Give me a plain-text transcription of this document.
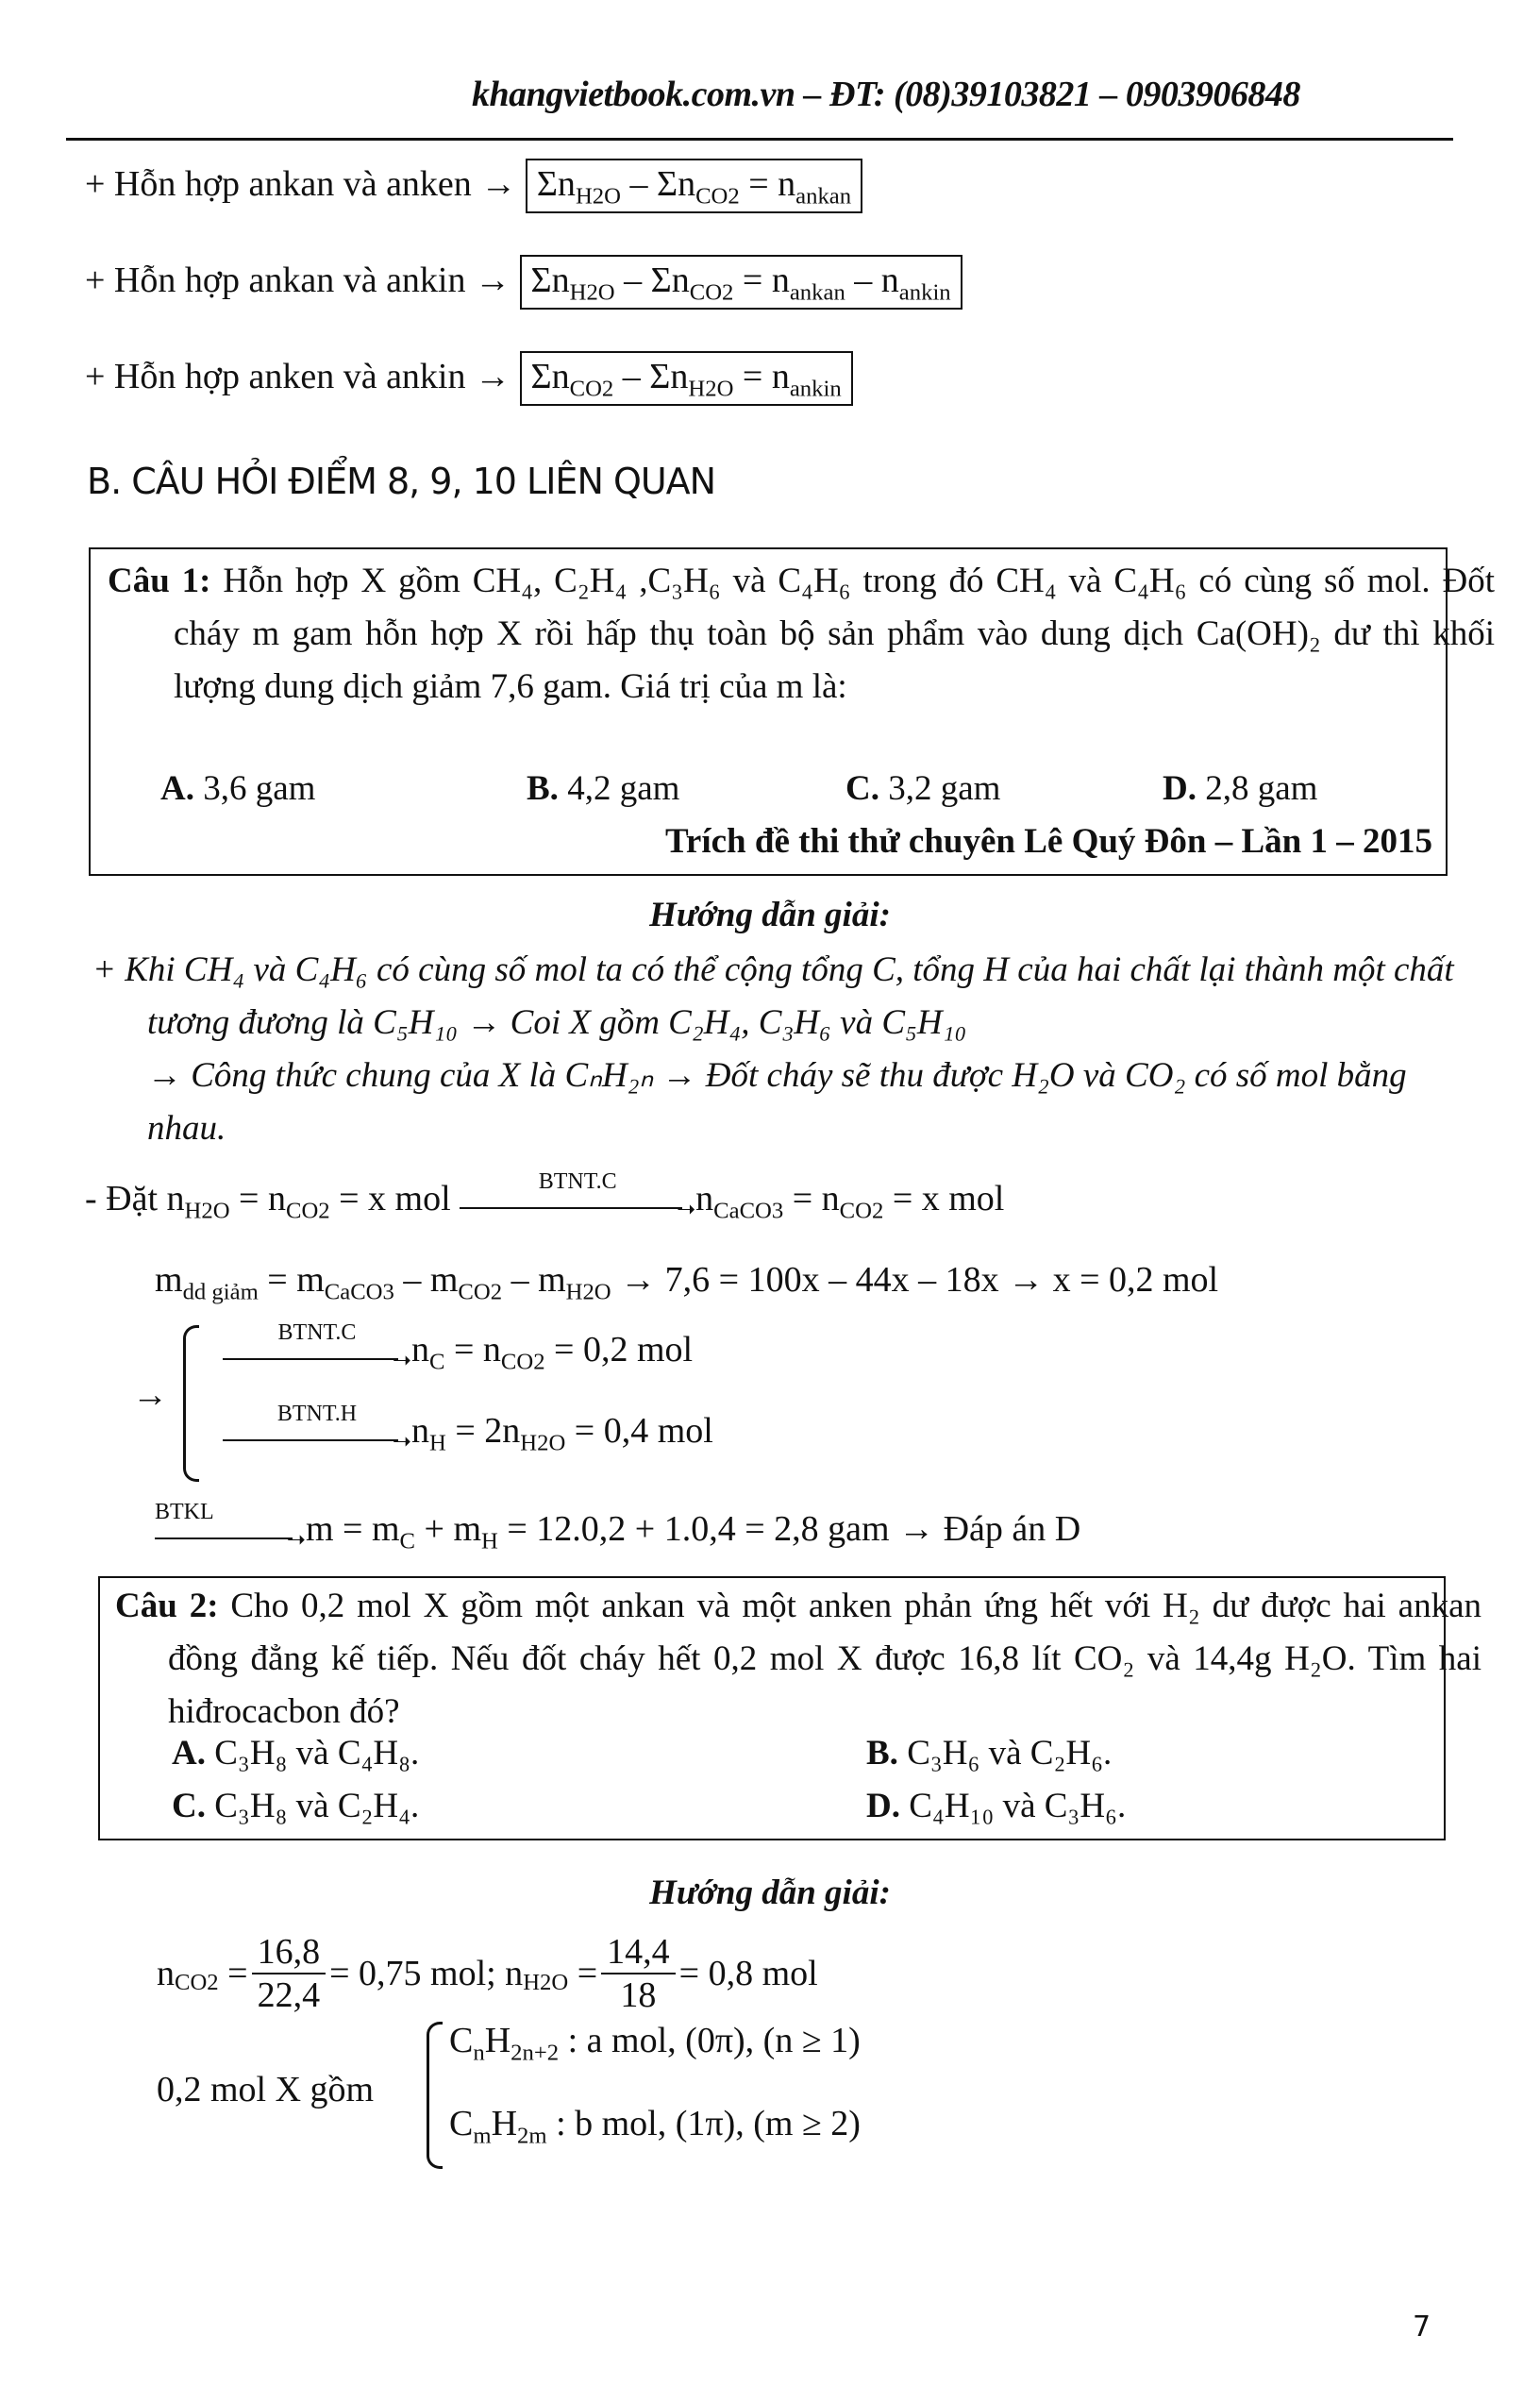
khangvietbook.com.vn – ĐT: (08)39103821 – 0903906848
+ Hỗn hợp ankan và anken → $\Sigma n_{H2O} - \Sigma n_{CO2} = n_{ankan}$
+ Hỗn hợp ankan và ankin → $\Sigma n_{H2O} - \Sigma n_{CO2} = n_{ankan} - n_{ankin}$
+ Hỗn hợp anken và ankin → $\Sigma n_{CO2} - \Sigma n_{H2O} = n_{ankin}$
B. CÂU HỎI ĐIỂM 8, 9, 10 LIÊN QUAN
Câu 1: Hỗn hợp X gồm CH₄, C₂H₄ ,C₃H₆ và C₄H₆ trong đó CH₄ và C₄H₆ có cùng số mol. Đốt cháy m gam hỗn hợp X rồi hấp thụ toàn bộ sản phẩm vào dung dịch Ca(OH)₂ dư thì khối lượng dung dịch giảm 7,6 gam. Giá trị của m là:
A. 3,6 gam	B. 4,2 gam	C. 3,2 gam	D. 2,8 gam
Trích đề thi thử chuyên Lê Quý Đôn – Lần 1 – 2015
Hướng dẫn giải:
+ Khi CH₄ và C₄H₆ có cùng số mol ta có thể cộng tổng C, tổng H của hai chất lại thành một chất tương đương là C₅H₁₀ → Coi X gồm C₂H₄, C₃H₆ và C₅H₁₀
→ Công thức chung của X là CₙH₂ₙ → Đốt cháy sẽ thu được H₂O và CO₂ có số mol bằng nhau.
- Đặt $n_{H2O} = n_{CO2} = x$ mol	BTNT.C
➝ $n_{CaCO3} = n_{CO2} = x$ mol
$m_{dd giảm} = m_{CaCO3} - m_{CO2} - m_{H2O} \to 7,6 = 100x - 44x - 18x \to x = 0,2$ mol
→
BTNT.C
➝ $n_C = n_{CO2} = 0,2$ mol
BTNT.H
➝ $n_H = 2n_{H2O} = 0,4$ mol
BTKL
➝ $m = m_C + m_H = 12.0,2 + 1.0,4 = 2,8$ gam → Đáp án D
Câu 2: Cho 0,2 mol X gồm một ankan và một anken phản ứng hết với H₂ dư được hai ankan đồng đẳng kế tiếp. Nếu đốt cháy hết 0,2 mol X được 16,8 lít CO₂ và 14,4g H₂O. Tìm hai hiđrocacbon đó?
A. C₃H₈ và C₄H₈.	B. C₃H₆ và C₂H₆.
C. C₃H₈ và C₂H₄.	D. C₄H₁₀ và C₃H₆.
Hướng dẫn giải:
n $CO2 = \frac{16,8}{22,4} = 0,75$ mol; n $H2O = \frac{14,4}{18} = 0,8$ mol
0,2 mol X gồm
$C_nH_{2n+2}$ : a mol, (0π), (n ≥ 1)
$C_mH_{2m}$ : b mol, (1π), (m ≥ 2)
7
